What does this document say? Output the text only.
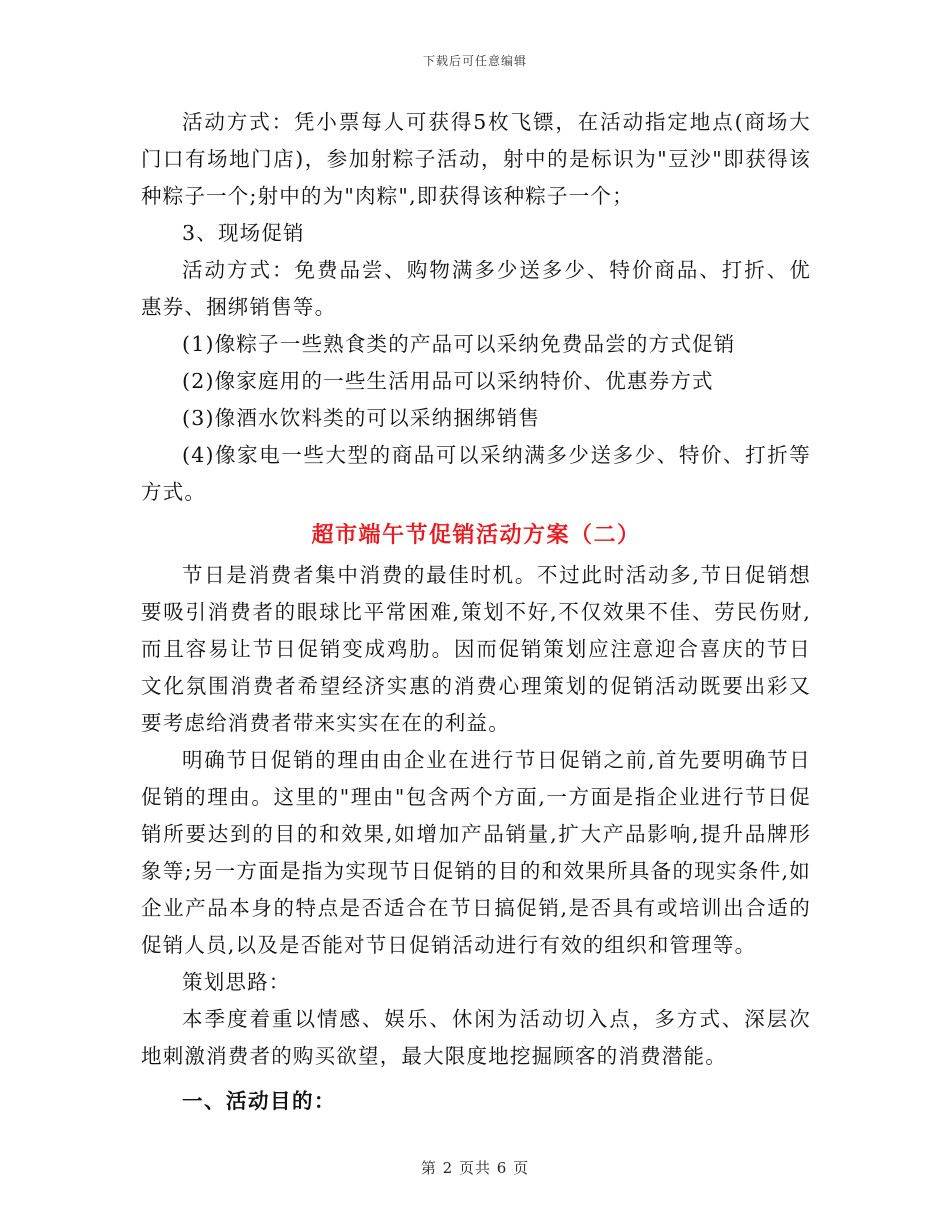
下载后可任意编辑

活动方式：凭小票每人可获得5枚飞镖，在活动指定地点(商场大门口有场地门店)，参加射粽子活动，射中的是标识为"豆沙"即获得该种粽子一个;射中的为"肉粽",即获得该种粽子一个；

3、现场促销

活动方式：免费品尝、购物满多少送多少、特价商品、打折、优惠券、捆绑销售等。

(1)像粽子一些熟食类的产品可以采纳免费品尝的方式促销

(2)像家庭用的一些生活用品可以采纳特价、优惠券方式

(3)像酒水饮料类的可以采纳捆绑销售

(4)像家电一些大型的商品可以采纳满多少送多少、特价、打折等方式。

超市端午节促销活动方案（二）

节日是消费者集中消费的最佳时机。不过此时活动多,节日促销想要吸引消费者的眼球比平常困难,策划不好,不仅效果不佳、劳民伤财,而且容易让节日促销变成鸡肋。因而促销策划应注意迎合喜庆的节日文化氛围消费者希望经济实惠的消费心理策划的促销活动既要出彩又要考虑给消费者带来实实在在的利益。

明确节日促销的理由由企业在进行节日促销之前,首先要明确节日促销的理由。这里的"理由"包含两个方面,一方面是指企业进行节日促销所要达到的目的和效果,如增加产品销量,扩大产品影响,提升品牌形象等;另一方面是指为实现节日促销的目的和效果所具备的现实条件,如企业产品本身的特点是否适合在节日搞促销,是否具有或培训出合适的促销人员,以及是否能对节日促销活动进行有效的组织和管理等。

策划思路：

本季度着重以情感、娱乐、休闲为活动切入点，多方式、深层次地刺激消费者的购买欲望，最大限度地挖掘顾客的消费潜能。

一、活动目的：

第 2 页共 6 页
